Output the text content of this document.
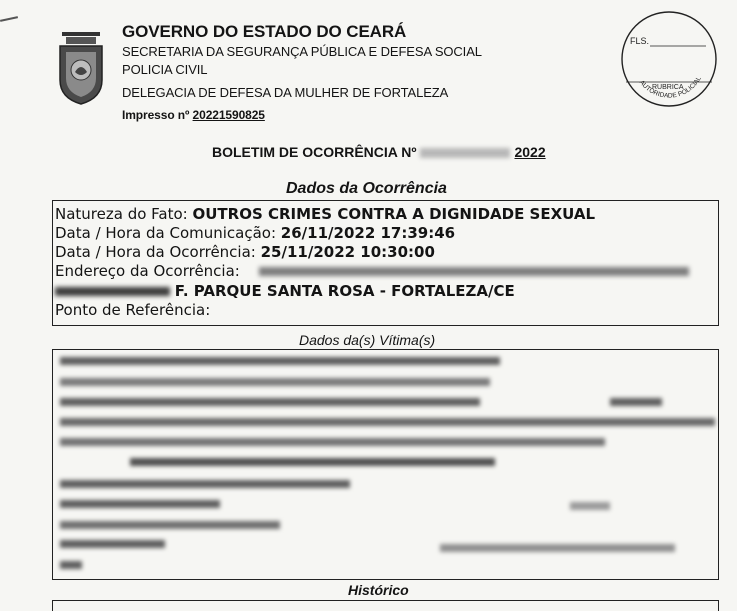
GOVERNO DO ESTADO DO CEARÁ
SECRETARIA DA SEGURANÇA PÚBLICA E DEFESA SOCIAL
POLICIA CIVIL
DELEGACIA DE DEFESA DA MULHER DE FORTALEZA
Impresso nº 20221590825
FLS.
RUBRICA
AUTORIDADE POLICIAL
BOLETIM DE OCORRÊNCIA Nº	2022
Dados da Ocorrência
Natureza do Fato: OUTROS CRIMES CONTRA A DIGNIDADE SEXUAL
Data / Hora da Comunicação: 26/11/2022 17:39:46
Data / Hora da Ocorrência: 25/11/2022 10:30:00
Endereço da Ocorrência:
F. PARQUE SANTA ROSA - FORTALEZA/CE
Ponto de Referência:
Dados da(s) Vítima(s)
Histórico
